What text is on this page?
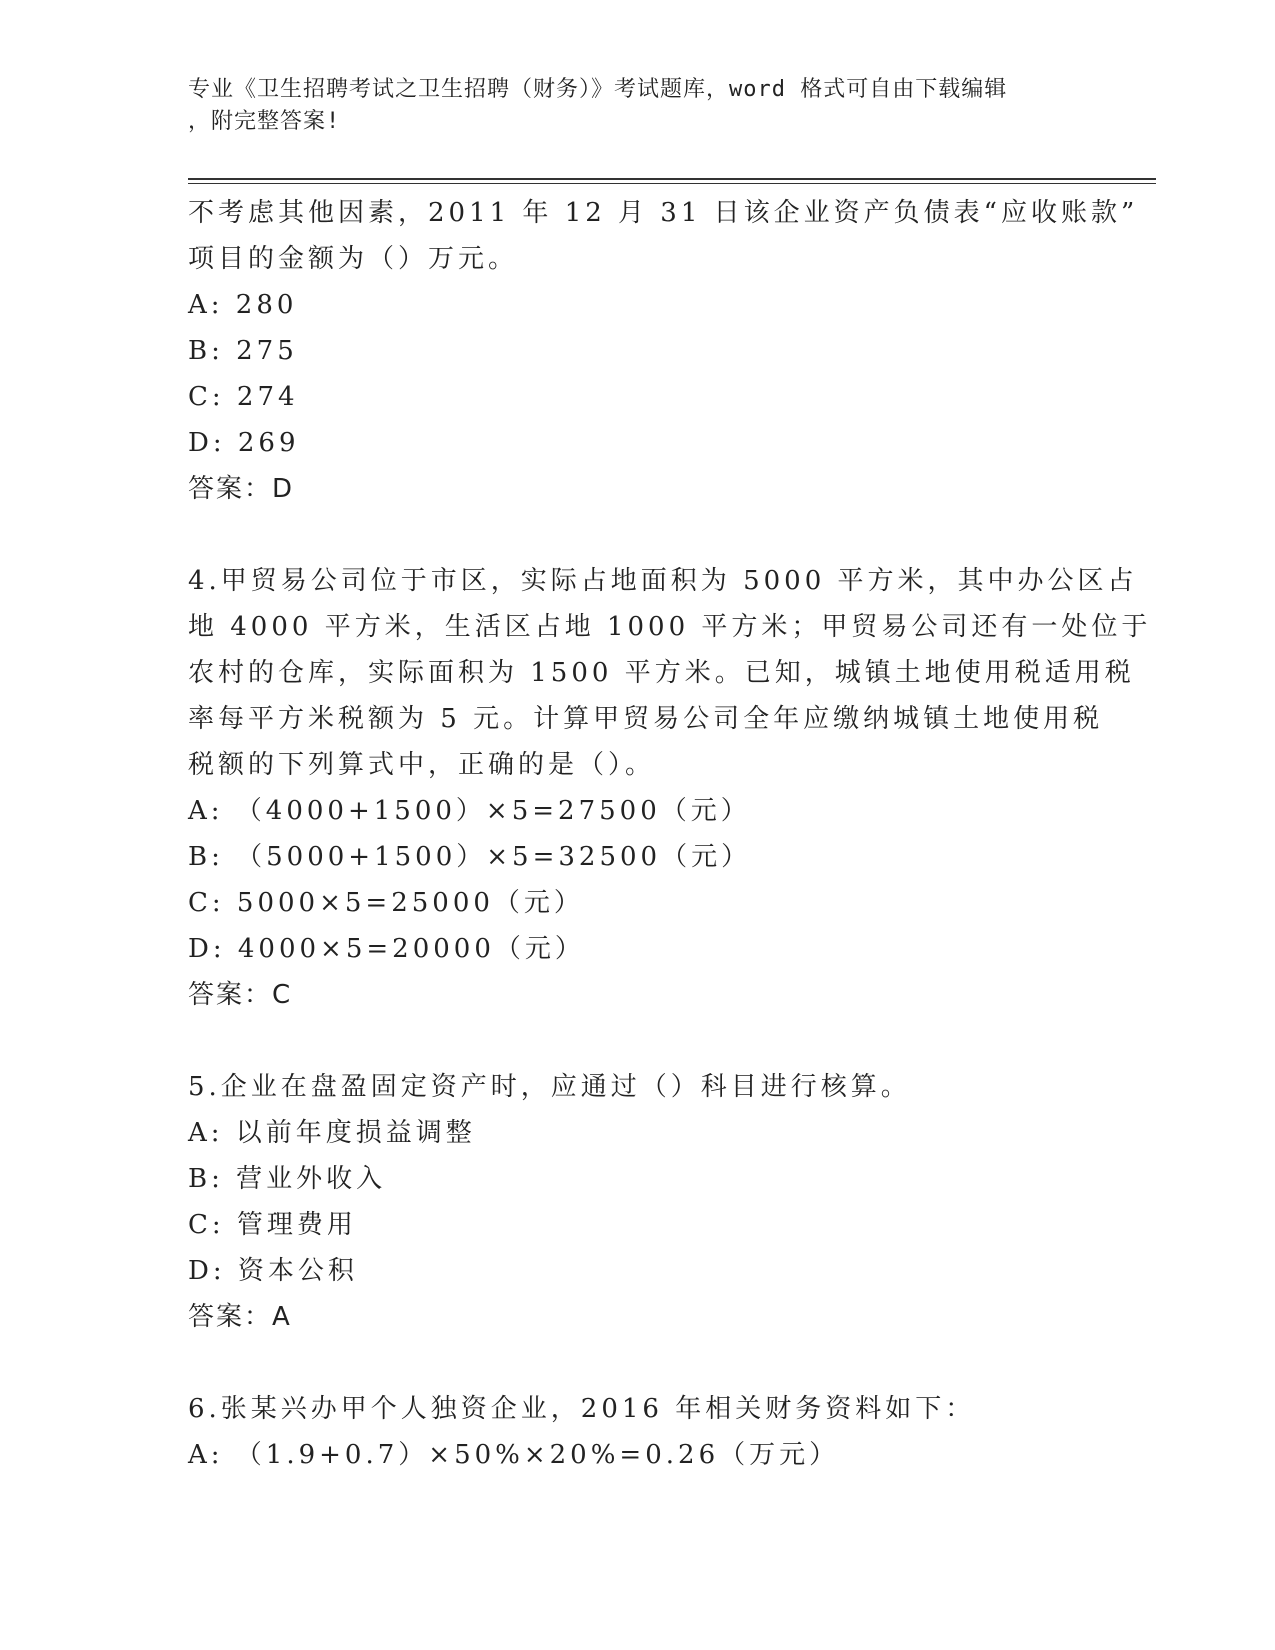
专业《卫生招聘考试之卫生招聘（财务）》考试题库，word 格式可自由下载编辑
，附完整答案!
不考虑其他因素，2011 年 12 月 31 日该企业资产负债表“应收账款”
项目的金额为（）万元。
A: 280
B: 275
C: 274
D: 269
答案：D
4.甲贸易公司位于市区，实际占地面积为 5000 平方米，其中办公区占
地 4000 平方米，生活区占地 1000 平方米；甲贸易公司还有一处位于
农村的仓库，实际面积为 1500 平方米。已知，城镇土地使用税适用税
率每平方米税额为 5 元。计算甲贸易公司全年应缴纳城镇土地使用税
税额的下列算式中，正确的是（）。
A: （4000+1500）×5=27500（元）
B: （5000+1500）×5=32500（元）
C: 5000×5=25000（元）
D: 4000×5=20000（元）
答案：C
5.企业在盘盈固定资产时，应通过（）科目进行核算。
A: 以前年度损益调整
B: 营业外收入
C: 管理费用
D: 资本公积
答案：A
6.张某兴办甲个人独资企业，2016 年相关财务资料如下：
A: （1.9+0.7）×50%×20%=0.26（万元）
